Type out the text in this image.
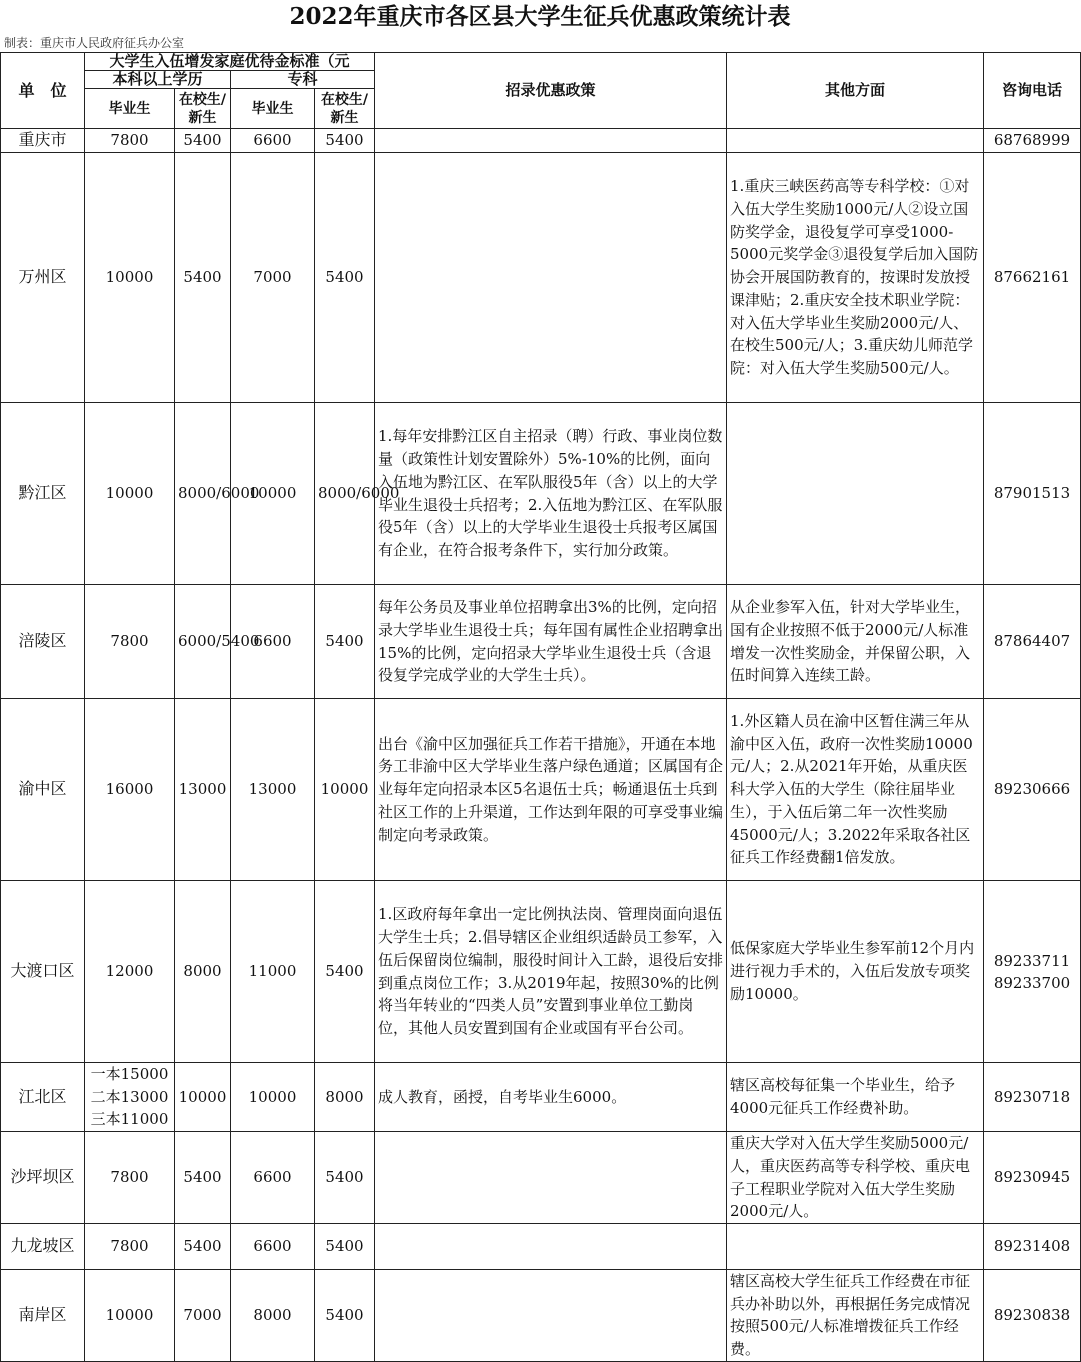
2022年重庆市各区县大学生征兵优惠政策统计表
制表：重庆市人民政府征兵办公室
单　位	大学生入伍增发家庭优待金标准（元				招录优惠政策	其他方面	咨询电话
	本科以上学历		专科				
	毕业生	在校生/新生	毕业生	在校生/新生			
重庆市	7800	5400	6600	5400			68768999
万州区	10000	5400	7000	5400		1.重庆三峡医药高等专科学校：①对入伍大学生奖励1000元/人②设立国防奖学金，退役复学可享受1000-5000元奖学金③退役复学后加入国防协会开展国防教育的，按课时发放授课津贴；2.重庆安全技术职业学院：对入伍大学毕业生奖励2000元/人、在校生500元/人；3.重庆幼儿师范学院：对入伍大学生奖励500元/人。	87662161
黔江区	10000	8000/6000	10000	8000/6000	1.每年安排黔江区自主招录（聘）行政、事业岗位数量（政策性计划安置除外）5%-10%的比例，面向入伍地为黔江区、在军队服役5年（含）以上的大学毕业生退役士兵招考；2.入伍地为黔江区、在军队服役5年（含）以上的大学毕业生退役士兵报考区属国有企业，在符合报考条件下，实行加分政策。		87901513
涪陵区	7800	6000/5400	6600	5400	每年公务员及事业单位招聘拿出3%的比例，定向招录大学毕业生退役士兵；每年国有属性企业招聘拿出15%的比例，定向招录大学毕业生退役士兵（含退役复学完成学业的大学生士兵）。	从企业参军入伍，针对大学毕业生，国有企业按照不低于2000元/人标准增发一次性奖励金，并保留公职，入伍时间算入连续工龄。	87864407
渝中区	16000	13000	13000	10000	出台《渝中区加强征兵工作若干措施》，开通在本地务工非渝中区大学毕业生落户绿色通道；区属国有企业每年定向招录本区5名退伍士兵；畅通退伍士兵到社区工作的上升渠道，工作达到年限的可享受事业编制定向考录政策。	1.外区籍人员在渝中区暂住满三年从渝中区入伍，政府一次性奖励10000元/人；2.从2021年开始，从重庆医科大学入伍的大学生（除往届毕业生），于入伍后第二年一次性奖励45000元/人；3.2022年采取各社区征兵工作经费翻1倍发放。	89230666
大渡口区	12000	8000	11000	5400	1.区政府每年拿出一定比例执法岗、管理岗面向退伍大学生士兵；2.倡导辖区企业组织适龄员工参军，入伍后保留岗位编制，服役时间计入工龄，退役后安排到重点岗位工作；3.从2019年起，按照30%的比例将当年转业的“四类人员”安置到事业单位工勤岗位，其他人员安置到国有企业或国有平台公司。	低保家庭大学毕业生参军前12个月内进行视力手术的，入伍后发放专项奖励10000。	89233711
89233700

江北区	一本15000
二本13000
三本11000	10000	10000	8000	成人教育，函授，自考毕业生6000。	辖区高校每征集一个毕业生，给予4000元征兵工作经费补助。	89230718
沙坪坝区	7800	5400	6600	5400		重庆大学对入伍大学生奖励5000元/人，重庆医药高等专科学校、重庆电子工程职业学院对入伍大学生奖励2000元/人。	89230945
九龙坡区	7800	5400	6600	5400			89231408
南岸区	10000	7000	8000	5400		辖区高校大学生征兵工作经费在市征兵办补助以外，再根据任务完成情况按照500元/人标准增拨征兵工作经费。	89230838
